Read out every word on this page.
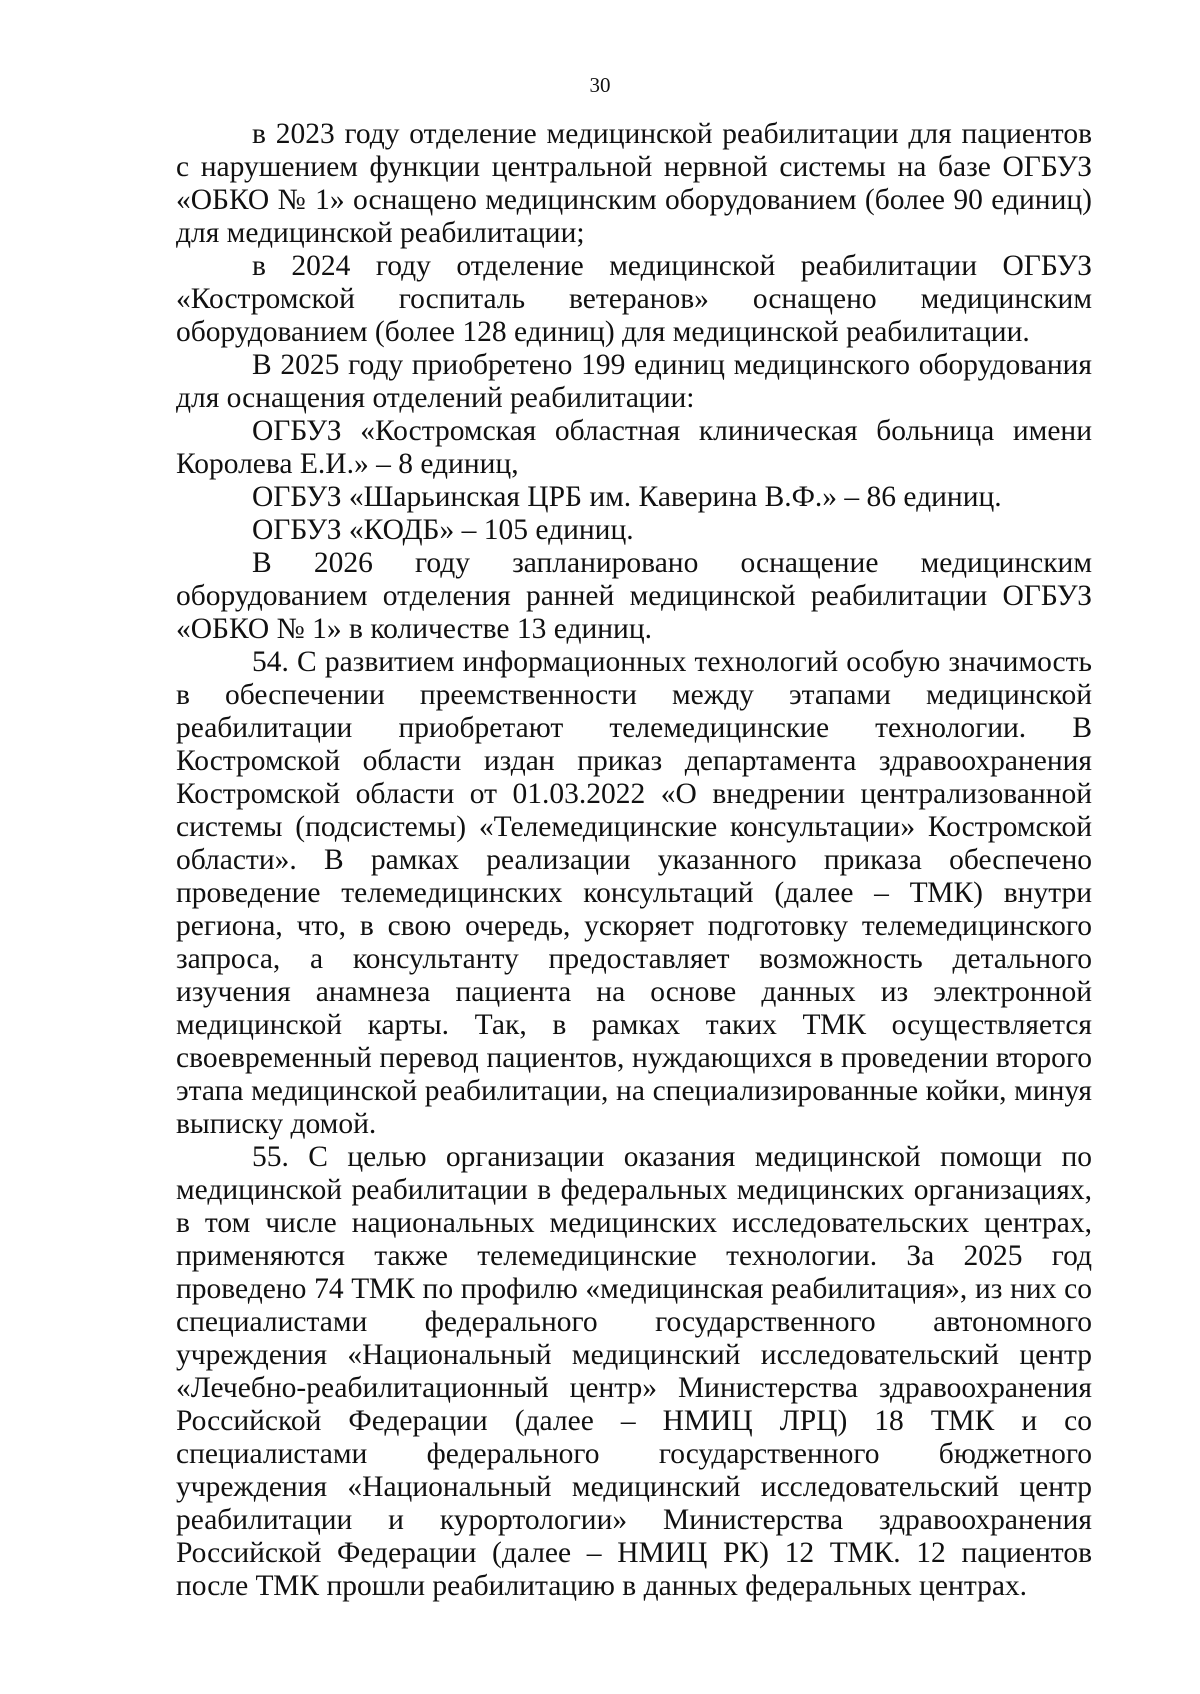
30

в 2023 году отделение медицинской реабилитации для пациентов с нарушением функции центральной нервной системы на базе ОГБУЗ «ОБКО № 1» оснащено медицинским оборудованием (более 90 единиц) для медицинской реабилитации;

в 2024 году отделение медицинской реабилитации ОГБУЗ «Костромской госпиталь ветеранов» оснащено медицинским оборудованием (более 128 единиц) для медицинской реабилитации.

В 2025 году приобретено 199 единиц медицинского оборудования для оснащения отделений реабилитации:

ОГБУЗ «Костромская областная клиническая больница имени Королева Е.И.» – 8 единиц,

ОГБУЗ «Шарьинская ЦРБ им. Каверина В.Ф.» – 86 единиц.

ОГБУЗ «КОДБ» – 105 единиц.

В 2026 году запланировано оснащение медицинским оборудованием отделения ранней медицинской реабилитации ОГБУЗ «ОБКО № 1» в количестве 13 единиц.

54. С развитием информационных технологий особую значимость в обеспечении преемственности между этапами медицинской реабилитации приобретают телемедицинские технологии. В Костромской области издан приказ департамента здравоохранения Костромской области от 01.03.2022 «О внедрении централизованной системы (подсистемы) «Телемедицинские консультации» Костромской области». В рамках реализации указанного приказа обеспечено проведение телемедицинских консультаций (далее – ТМК) внутри региона, что, в свою очередь, ускоряет подготовку телемедицинского запроса, а консультанту предоставляет возможность детального изучения анамнеза пациента на основе данных из электронной медицинской карты. Так, в рамках таких ТМК осуществляется своевременный перевод пациентов, нуждающихся в проведении второго этапа медицинской реабилитации, на специализированные койки, минуя выписку домой.

55. С целью организации оказания медицинской помощи по медицинской реабилитации в федеральных медицинских организациях, в том числе национальных медицинских исследовательских центрах, применяются также телемедицинские технологии. За 2025 год проведено 74 ТМК по профилю «медицинская реабилитация», из них со специалистами федерального государственного автономного учреждения «Национальный медицинский исследовательский центр «Лечебно-реабилитационный центр» Министерства здравоохранения Российской Федерации (далее – НМИЦ ЛРЦ) 18 ТМК и со специалистами федерального государственного бюджетного учреждения «Национальный медицинский исследовательский центр реабилитации и курортологии» Министерства здравоохранения Российской Федерации (далее – НМИЦ РК) 12 ТМК. 12 пациентов после ТМК прошли реабилитацию в данных федеральных центрах.
